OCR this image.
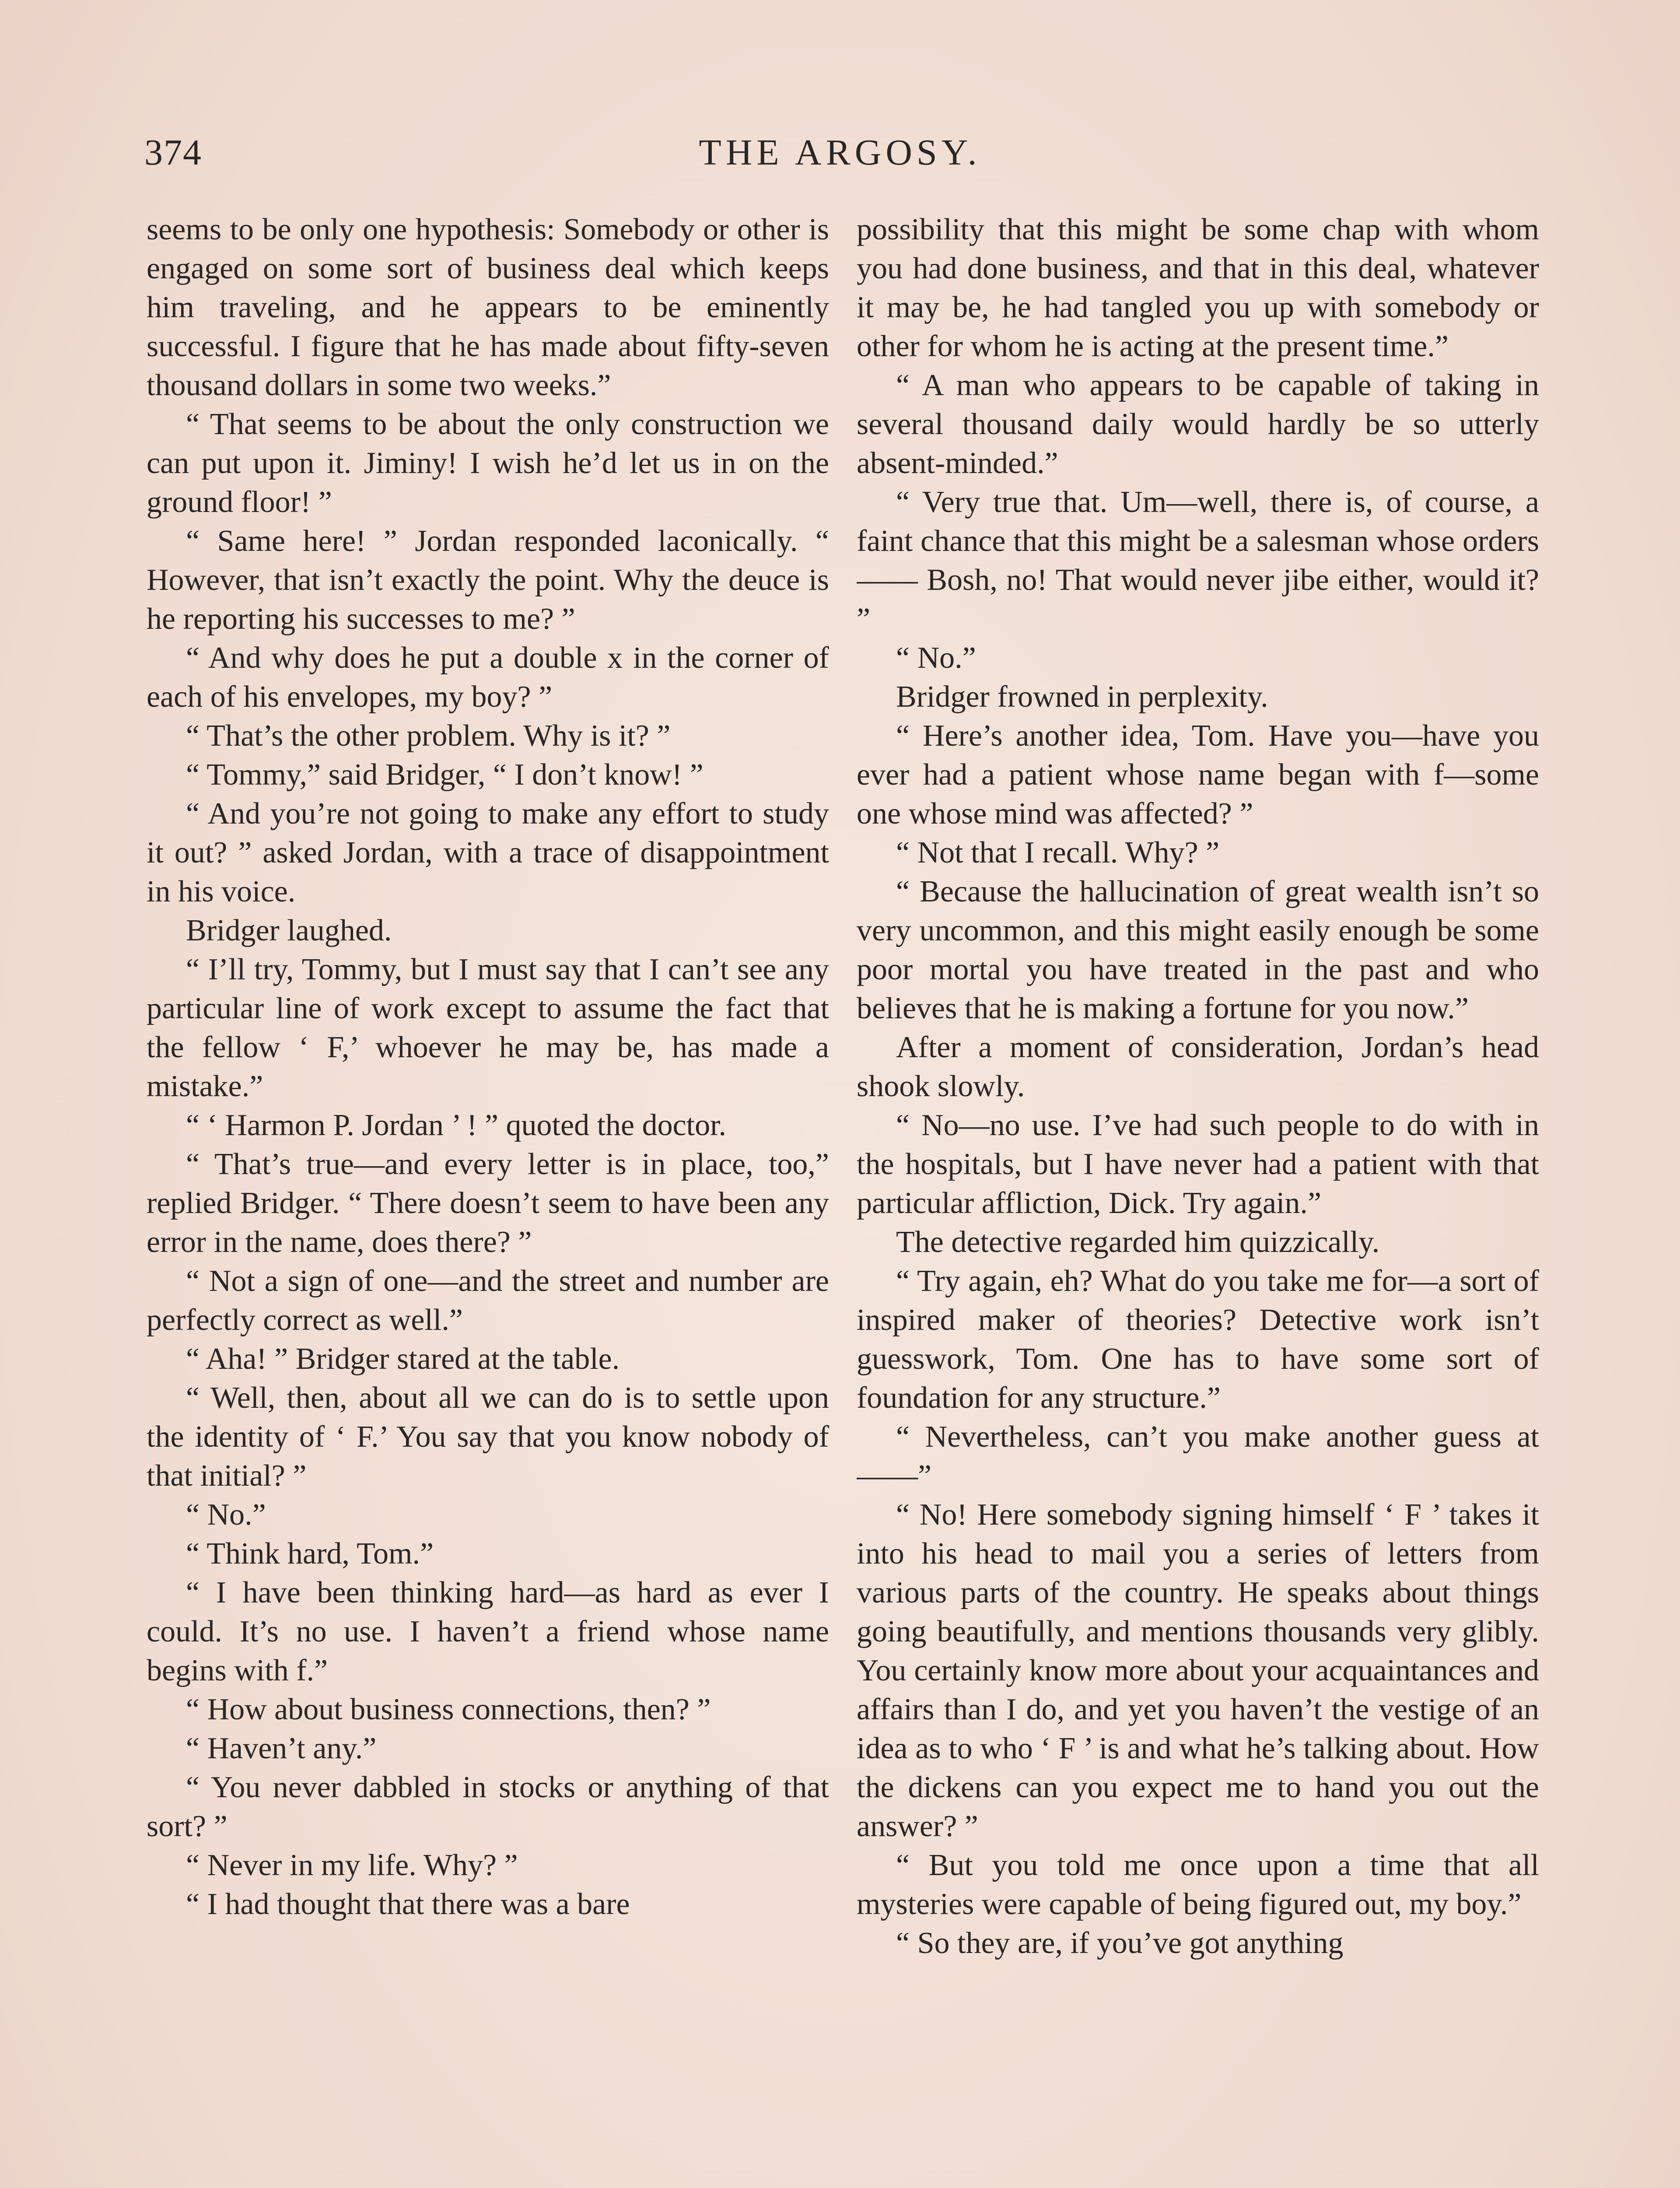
374	THE ARGOSY.

seems to be only one hypothesis: Somebody or other is engaged on some sort of business deal which keeps him traveling, and he appears to be eminently successful. I figure that he has made about fifty-seven thousand dollars in some two weeks.”

“ That seems to be about the only construction we can put upon it. Jiminy! I wish he’d let us in on the ground floor! ”

“ Same here! ” Jordan responded laconically. “ However, that isn’t exactly the point. Why the deuce is he reporting his successes to me? ”

“ And why does he put a double x in the corner of each of his envelopes, my boy? ”

“ That’s the other problem. Why is it? ”

“ Tommy,” said Bridger, “ I don’t know! ”

“ And you’re not going to make any effort to study it out? ” asked Jordan, with a trace of disappointment in his voice.

Bridger laughed.

“ I’ll try, Tommy, but I must say that I can’t see any particular line of work except to assume the fact that the fellow ‘ F,’ whoever he may be, has made a mistake.”

“ ‘ Harmon P. Jordan ’ ! ” quoted the doctor.

“ That’s true—and every letter is in place, too,” replied Bridger. “ There doesn’t seem to have been any error in the name, does there? ”

“ Not a sign of one—and the street and number are perfectly correct as well.”

“ Aha! ” Bridger stared at the table.

“ Well, then, about all we can do is to settle upon the identity of ‘ F.’ You say that you know nobody of that initial? ”

“ No.”

“ Think hard, Tom.”

“ I have been thinking hard—as hard as ever I could. It’s no use. I haven’t a friend whose name begins with f.”

“ How about business connections, then? ”

“ Haven’t any.”

“ You never dabbled in stocks or anything of that sort? ”

“ Never in my life. Why? ”

“ I had thought that there was a bare

possibility that this might be some chap with whom you had done business, and that in this deal, whatever it may be, he had tangled you up with somebody or other for whom he is acting at the present time.”

“ A man who appears to be capable of taking in several thousand daily would hardly be so utterly absent-minded.”

“ Very true that. Um—well, there is, of course, a faint chance that this might be a salesman whose orders—— Bosh, no! That would never jibe either, would it? ”

“ No.”

Bridger frowned in perplexity.

“ Here’s another idea, Tom. Have you—have you ever had a patient whose name began with f—some one whose mind was affected? ”

“ Not that I recall. Why? ”

“ Because the hallucination of great wealth isn’t so very uncommon, and this might easily enough be some poor mortal you have treated in the past and who believes that he is making a fortune for you now.”

After a moment of consideration, Jordan’s head shook slowly.

“ No—no use. I’ve had such people to do with in the hospitals, but I have never had a patient with that particular affliction, Dick. Try again.”

The detective regarded him quizzically.

“ Try again, eh? What do you take me for—a sort of inspired maker of theories? Detective work isn’t guesswork, Tom. One has to have some sort of foundation for any structure.”

“ Nevertheless, can’t you make another guess at——”

“ No! Here somebody signing himself ‘ F ’ takes it into his head to mail you a series of letters from various parts of the country. He speaks about things going beautifully, and mentions thousands very glibly. You certainly know more about your acquaintances and affairs than I do, and yet you haven’t the vestige of an idea as to who ‘ F ’ is and what he’s talking about. How the dickens can you expect me to hand you out the answer? ”

“ But you told me once upon a time that all mysteries were capable of being figured out, my boy.”

“ So they are, if you’ve got anything
